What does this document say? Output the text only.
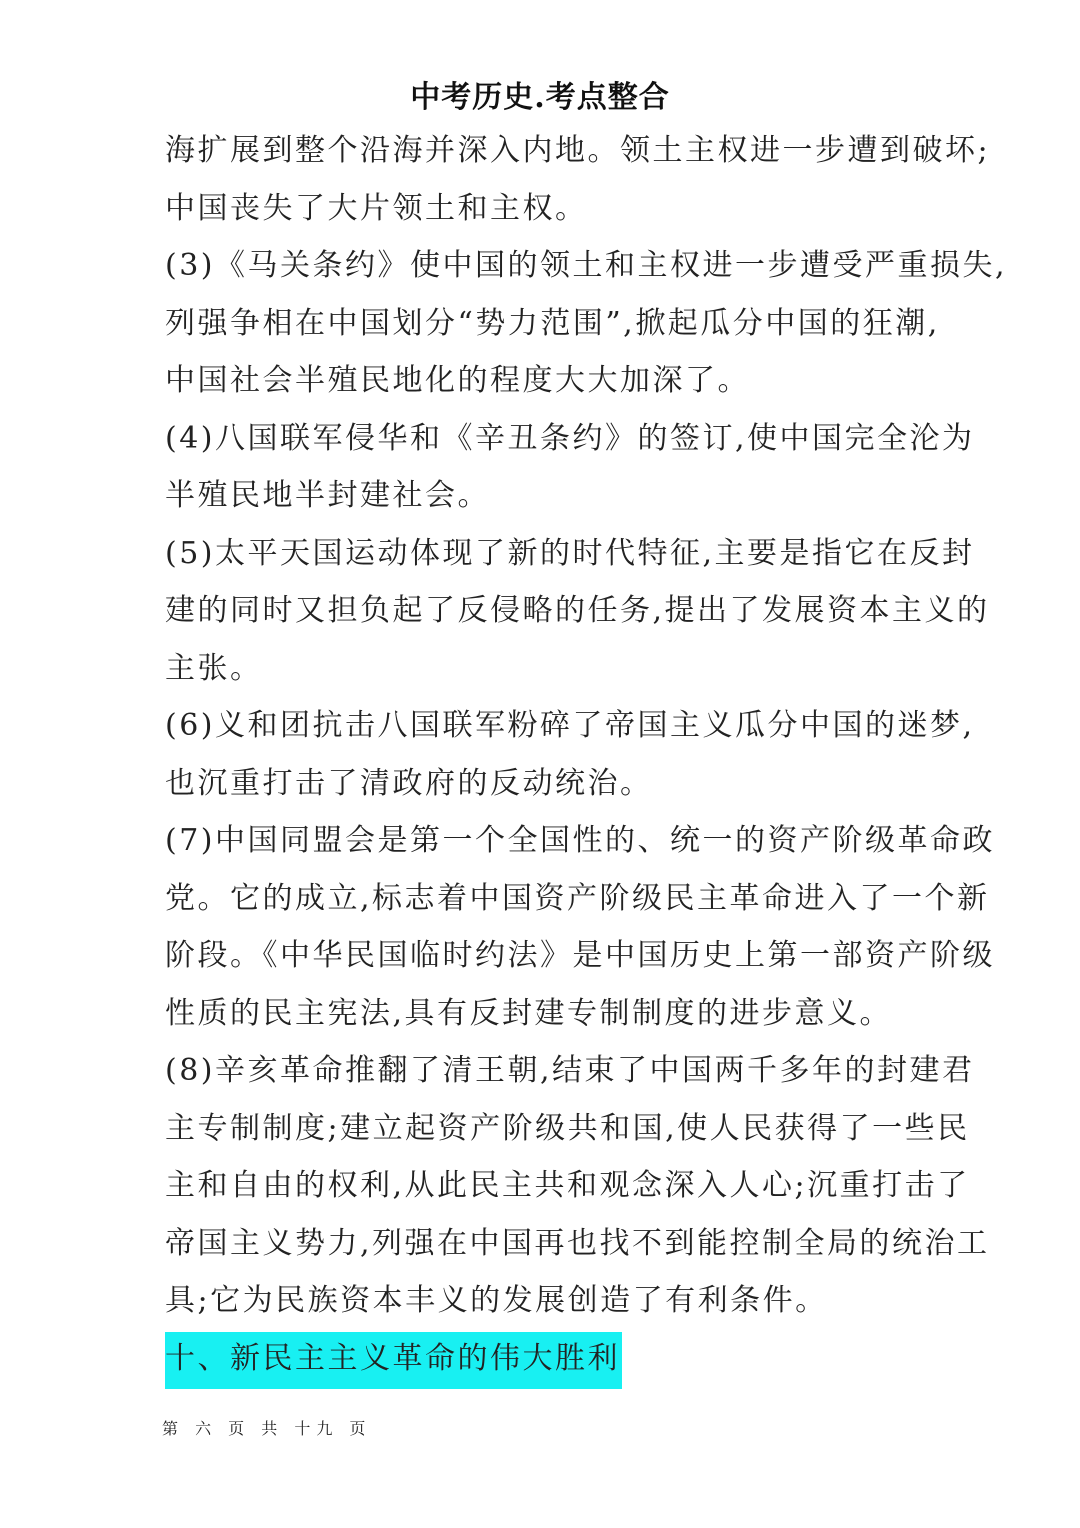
中考历史.考点整合
海扩展到整个沿海并深入内地。领土主权进一步遭到破坏;
中国丧失了大片领土和主权。
(3)《马关条约》使中国的领土和主权进一步遭受严重损失,
列强争相在中国划分“势力范围”,掀起瓜分中国的狂潮,
中国社会半殖民地化的程度大大加深了。
(4)八国联军侵华和《辛丑条约》的签订,使中国完全沦为
半殖民地半封建社会。
(5)太平天国运动体现了新的时代特征,主要是指它在反封
建的同时又担负起了反侵略的任务,提出了发展资本主义的
主张。
(6)义和团抗击八国联军粉碎了帝国主义瓜分中国的迷梦,
也沉重打击了清政府的反动统治。
(7)中国同盟会是第一个全国性的、统一的资产阶级革命政
党。它的成立,标志着中国资产阶级民主革命进入了一个新
阶段。《中华民国临时约法》是中国历史上第一部资产阶级
性质的民主宪法,具有反封建专制制度的进步意义。
(8)辛亥革命推翻了清王朝,结束了中国两千多年的封建君
主专制制度;建立起资产阶级共和国,使人民获得了一些民
主和自由的权利,从此民主共和观念深入人心;沉重打击了
帝国主义势力,列强在中国再也找不到能控制全局的统治工
具;它为民族资本丰义的发展创造了有利条件。
十、新民主主义革命的伟大胜利
第 六 页 共 十九 页
